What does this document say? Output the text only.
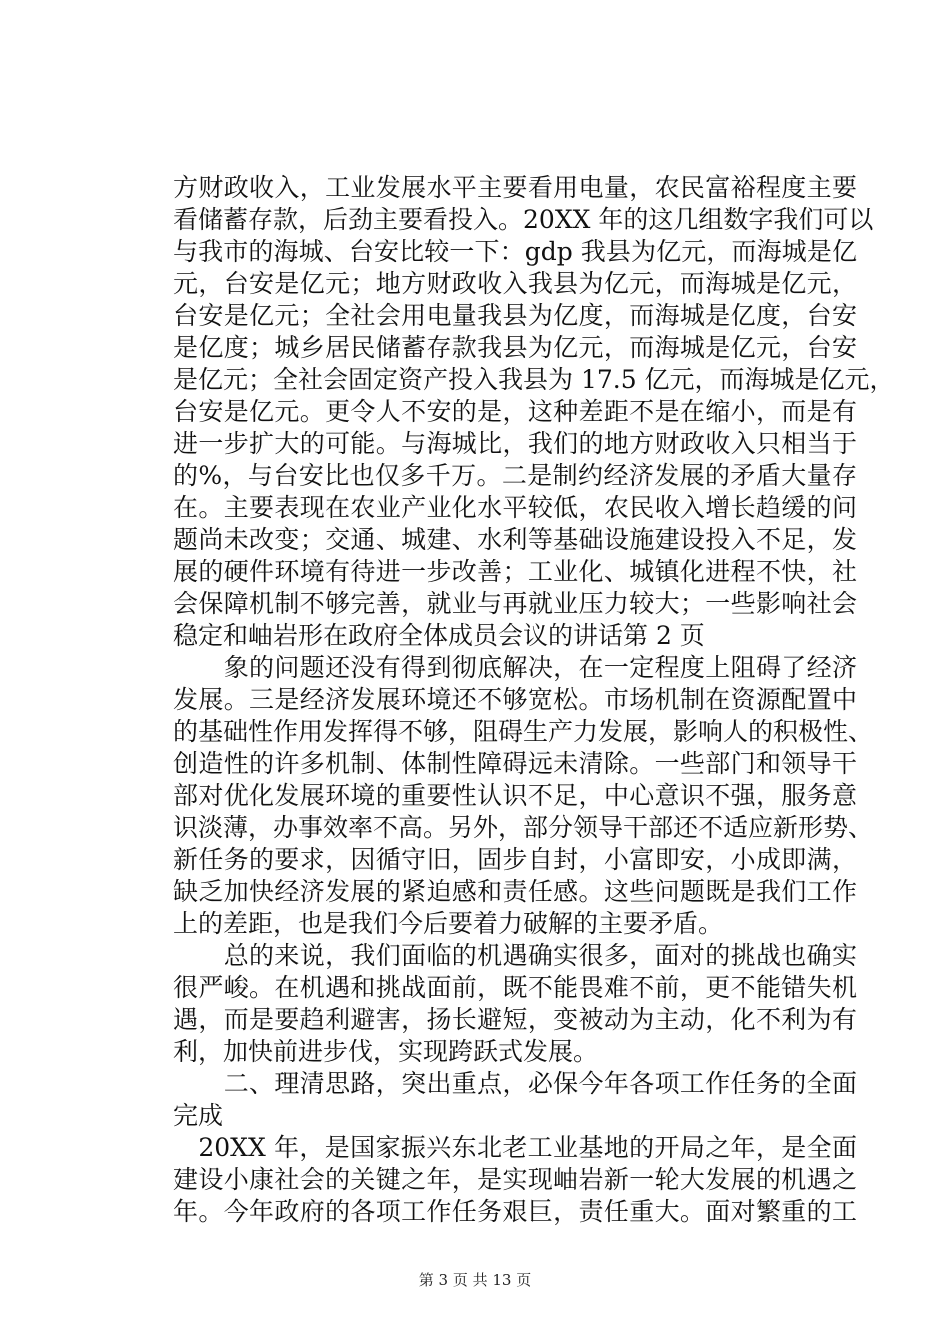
方财政收入，工业发展水平主要看用电量，农民富裕程度主要
看储蓄存款，后劲主要看投入。20XX 年的这几组数字我们可以
与我市的海城、台安比较一下：gdp 我县为亿元，而海城是亿
元，台安是亿元；地方财政收入我县为亿元，而海城是亿元，
台安是亿元；全社会用电量我县为亿度，而海城是亿度，台安
是亿度；城乡居民储蓄存款我县为亿元，而海城是亿元，台安
是亿元；全社会固定资产投入我县为 17.5 亿元，而海城是亿元，
台安是亿元。更令人不安的是，这种差距不是在缩小，而是有
进一步扩大的可能。与海城比，我们的地方财政收入只相当于
的%，与台安比也仅多千万。二是制约经济发展的矛盾大量存
在。主要表现在农业产业化水平较低，农民收入增长趋缓的问
题尚未改变；交通、城建、水利等基础设施建设投入不足，发
展的硬件环境有待进一步改善；工业化、城镇化进程不快，社
会保障机制不够完善，就业与再就业压力较大；一些影响社会
稳定和岫岩形在政府全体成员会议的讲话第 2 页
　　象的问题还没有得到彻底解决，在一定程度上阻碍了经济
发展。三是经济发展环境还不够宽松。市场机制在资源配置中
的基础性作用发挥得不够，阻碍生产力发展，影响人的积极性、
创造性的许多机制、体制性障碍远未清除。一些部门和领导干
部对优化发展环境的重要性认识不足，中心意识不强，服务意
识淡薄，办事效率不高。另外，部分领导干部还不适应新形势、
新任务的要求，因循守旧，固步自封，小富即安，小成即满，
缺乏加快经济发展的紧迫感和责任感。这些问题既是我们工作
上的差距，也是我们今后要着力破解的主要矛盾。
　　总的来说，我们面临的机遇确实很多，面对的挑战也确实
很严峻。在机遇和挑战面前，既不能畏难不前，更不能错失机
遇，而是要趋利避害，扬长避短，变被动为主动，化不利为有
利，加快前进步伐，实现跨跃式发展。
　　二、理清思路，突出重点，必保今年各项工作任务的全面
完成
　20XX 年，是国家振兴东北老工业基地的开局之年，是全面
建设小康社会的关键之年，是实现岫岩新一轮大发展的机遇之
年。今年政府的各项工作任务艰巨，责任重大。面对繁重的工
第 3 页 共 13 页
